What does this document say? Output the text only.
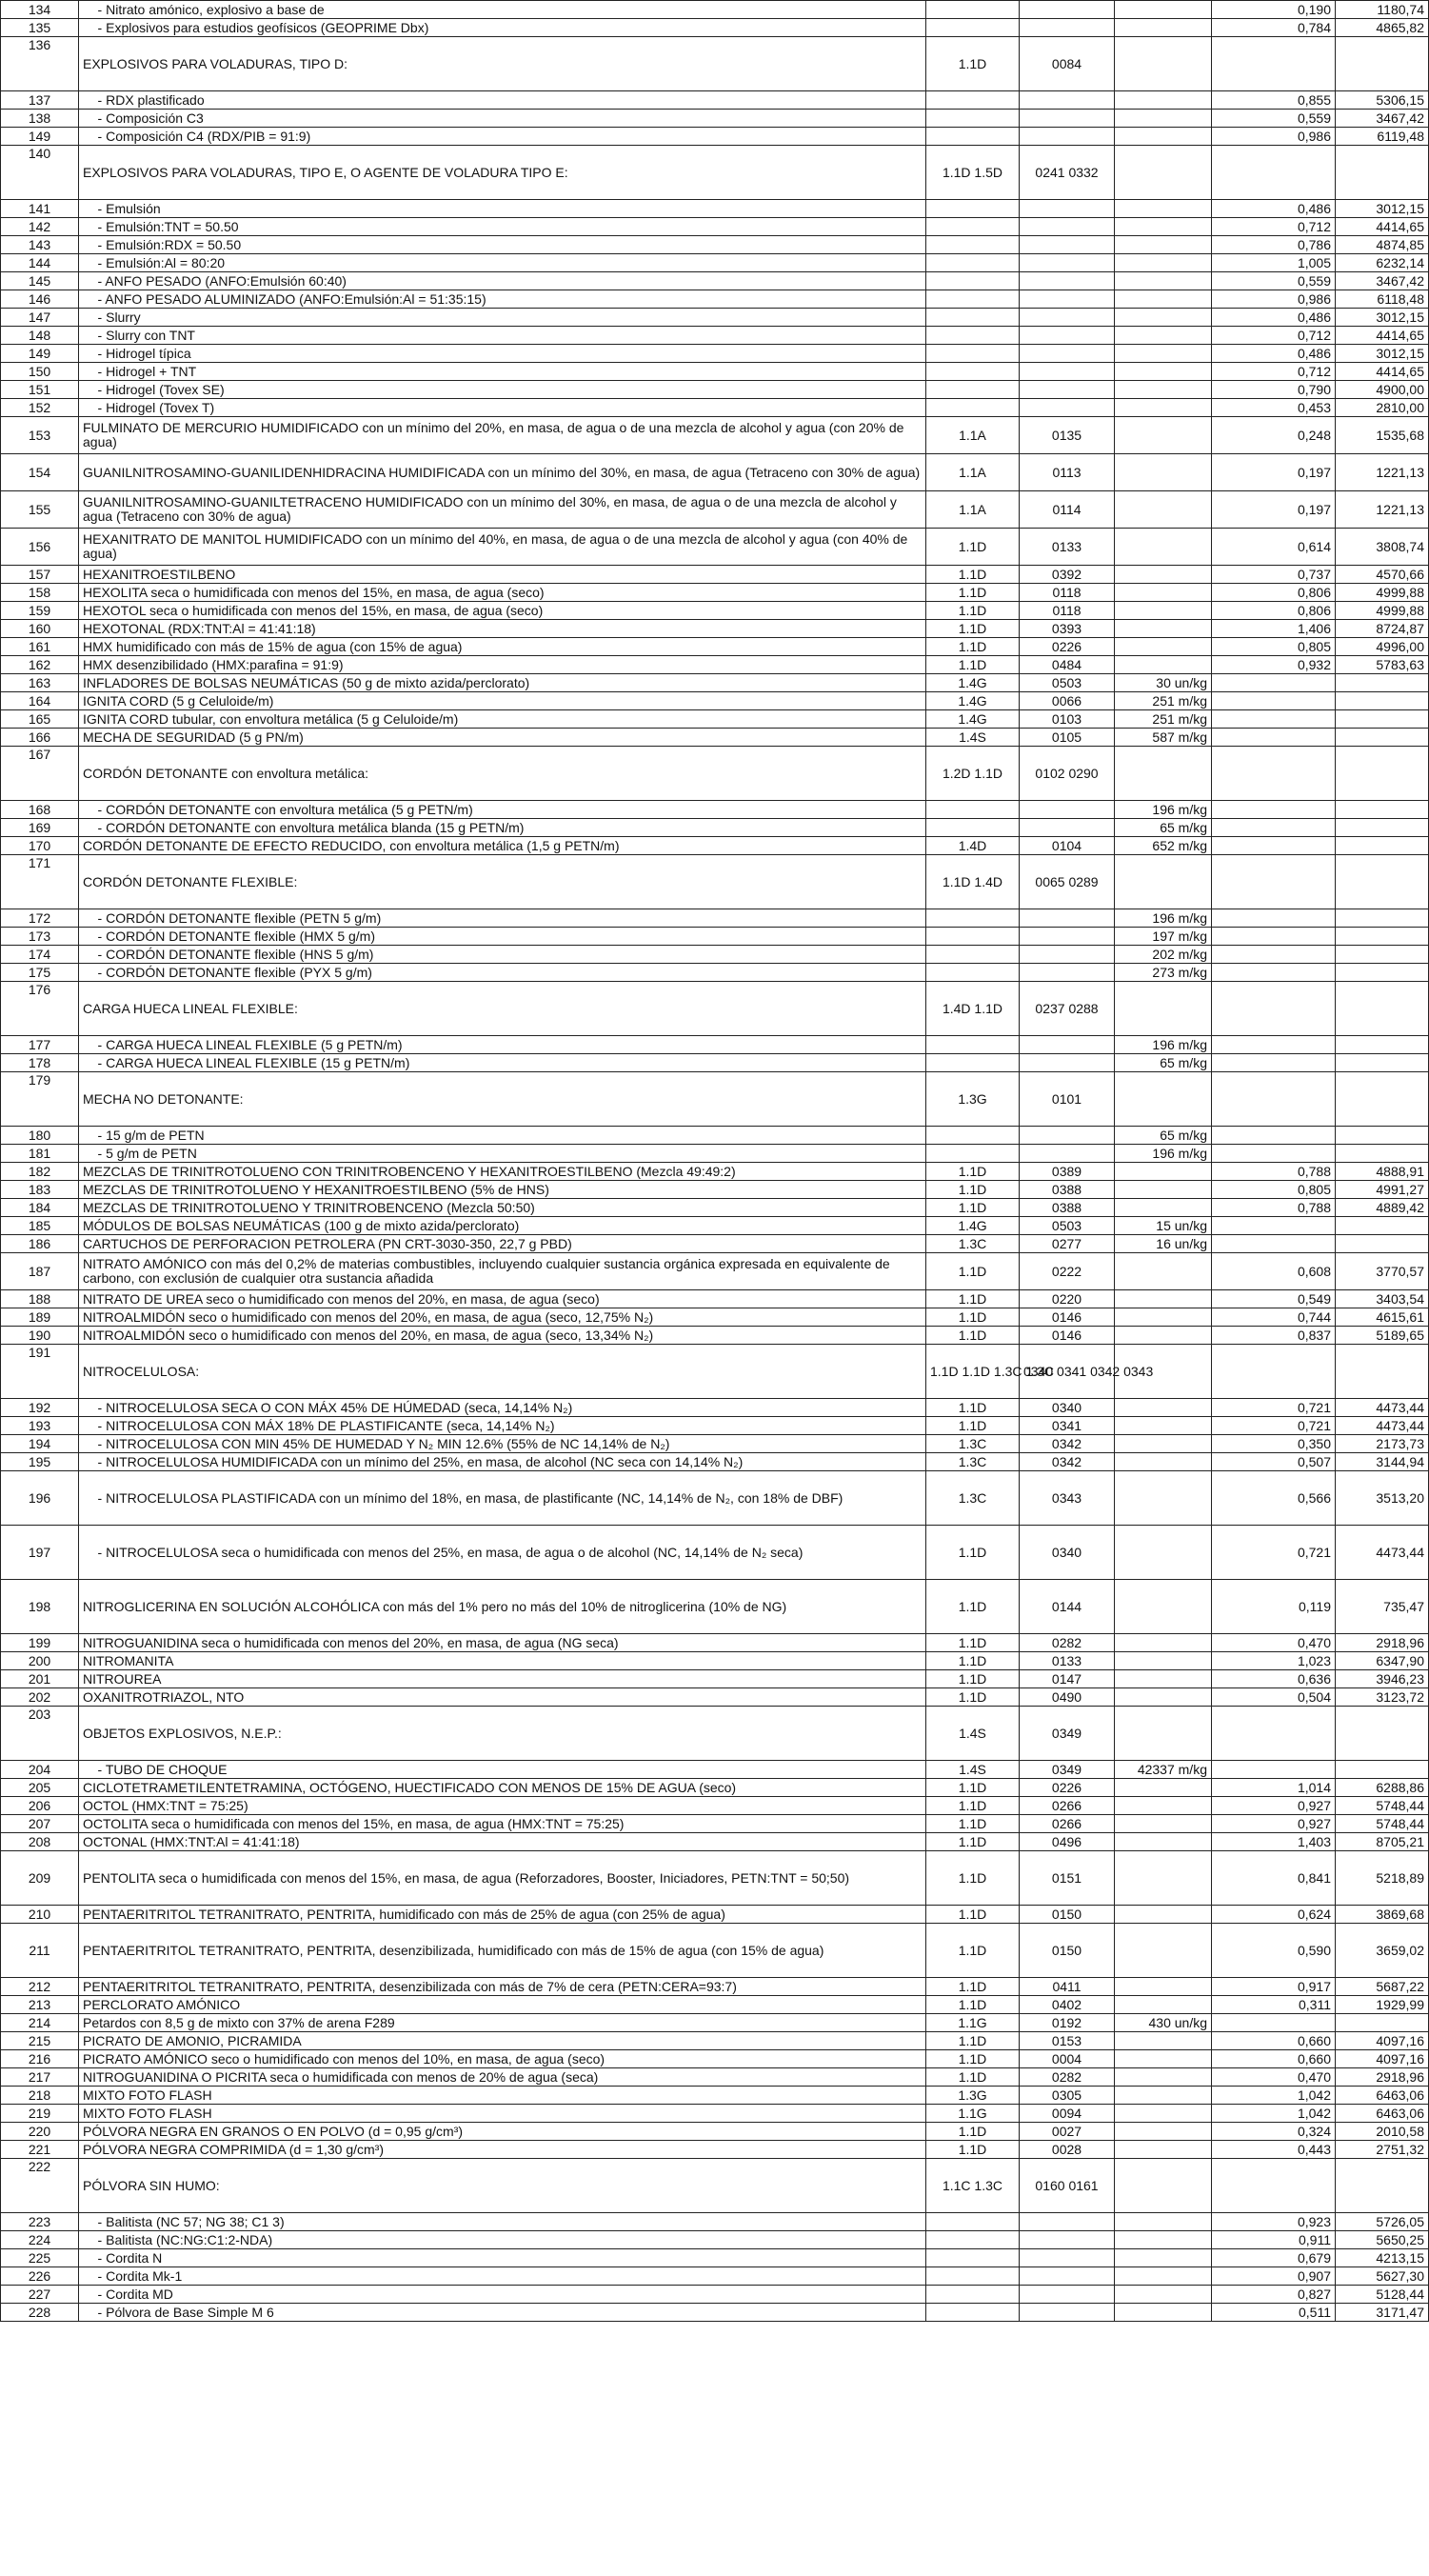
134	- Nitrato amónico, explosivo a base de				0,190	1180,74
135	- Explosivos para estudios geofísicos (GEOPRIME Dbx)				0,784	4865,82
136	EXPLOSIVOS PARA VOLADURAS, TIPO D:	1.1D	0084			
137	- RDX plastificado				0,855	5306,15
138	- Composición C3				0,559	3467,42
149	- Composición C4 (RDX/PIB = 91:9)				0,986	6119,48
140	EXPLOSIVOS PARA VOLADURAS, TIPO E, O AGENTE DE VOLADURA TIPO E:	1.1D 1.5D	0241 0332			
141	- Emulsión				0,486	3012,15
142	- Emulsión:TNT = 50.50				0,712	4414,65
143	- Emulsión:RDX = 50.50				0,786	4874,85
144	- Emulsión:Al = 80:20				1,005	6232,14
145	- ANFO PESADO (ANFO:Emulsión 60:40)				0,559	3467,42
146	- ANFO PESADO ALUMINIZADO (ANFO:Emulsión:Al = 51:35:15)				0,986	6118,48
147	- Slurry				0,486	3012,15
148	- Slurry con TNT				0,712	4414,65
149	- Hidrogel típica				0,486	3012,15
150	- Hidrogel + TNT				0,712	4414,65
151	- Hidrogel (Tovex SE)				0,790	4900,00
152	- Hidrogel (Tovex T)				0,453	2810,00
153	FULMINATO DE MERCURIO HUMIDIFICADO con un mínimo del 20%, en masa, de agua o de una mezcla de alcohol y agua (con 20% de agua)	1.1A	0135		0,248	1535,68
154	GUANILNITROSAMINO-GUANILIDENHIDRACINA HUMIDIFICADA con un mínimo del 30%, en masa, de agua (Tetraceno con 30% de agua)	1.1A	0113		0,197	1221,13
155	GUANILNITROSAMINO-GUANILTETRACENO HUMIDIFICADO con un mínimo del 30%, en masa, de agua o de una mezcla de alcohol y agua (Tetraceno con 30% de agua)	1.1A	0114		0,197	1221,13
156	HEXANITRATO DE MANITOL HUMIDIFICADO con un mínimo del 40%, en masa, de agua o de una mezcla de alcohol y agua (con 40% de agua)	1.1D	0133		0,614	3808,74
157	HEXANITROESTILBENO	1.1D	0392		0,737	4570,66
158	HEXOLITA seca o humidificada con menos del 15%, en masa, de agua (seco)	1.1D	0118		0,806	4999,88
159	HEXOTOL seca o humidificada con menos del 15%, en masa, de agua (seco)	1.1D	0118		0,806	4999,88
160	HEXOTONAL (RDX:TNT:Al = 41:41:18)	1.1D	0393		1,406	8724,87
161	HMX humidificado con más de 15% de agua (con 15% de agua)	1.1D	0226		0,805	4996,00
162	HMX desenzibilidado (HMX:parafina = 91:9)	1.1D	0484		0,932	5783,63
163	INFLADORES DE BOLSAS NEUMÁTICAS (50 g de mixto azida/perclorato)	1.4G	0503	30 un/kg		
164	IGNITA CORD (5 g Celuloide/m)	1.4G	0066	251 m/kg		
165	IGNITA CORD tubular, con envoltura metálica (5 g Celuloide/m)	1.4G	0103	251 m/kg		
166	MECHA DE SEGURIDAD (5 g PN/m)	1.4S	0105	587 m/kg		
167	CORDÓN DETONANTE con envoltura metálica:	1.2D 1.1D	0102 0290			
168	- CORDÓN DETONANTE con envoltura metálica (5 g PETN/m)			196 m/kg		
169	- CORDÓN DETONANTE con envoltura metálica blanda (15 g PETN/m)			65 m/kg		
170	CORDÓN DETONANTE DE EFECTO REDUCIDO, con envoltura metálica (1,5 g PETN/m)	1.4D	0104	652 m/kg		
171	CORDÓN DETONANTE FLEXIBLE:	1.1D 1.4D	0065 0289			
172	- CORDÓN DETONANTE flexible (PETN 5 g/m)			196 m/kg		
173	- CORDÓN DETONANTE flexible (HMX 5 g/m)			197 m/kg		
174	- CORDÓN DETONANTE flexible (HNS 5 g/m)			202 m/kg		
175	- CORDÓN DETONANTE flexible (PYX 5 g/m)			273 m/kg		
176	CARGA HUECA LINEAL FLEXIBLE:	1.4D 1.1D	0237 0288			
177	- CARGA HUECA LINEAL FLEXIBLE (5 g PETN/m)			196 m/kg		
178	- CARGA HUECA LINEAL FLEXIBLE (15 g PETN/m)			65 m/kg		
179	MECHA NO DETONANTE:	1.3G	0101			
180	- 15 g/m de PETN			65 m/kg		
181	- 5 g/m de PETN			196 m/kg		
182	MEZCLAS DE TRINITROTOLUENO CON TRINITROBENCENO Y HEXANITROESTILBENO (Mezcla 49:49:2)	1.1D	0389		0,788	4888,91
183	MEZCLAS DE TRINITROTOLUENO Y HEXANITROESTILBENO (5% de HNS)	1.1D	0388		0,805	4991,27
184	MEZCLAS DE TRINITROTOLUENO Y TRINITROBENCENO (Mezcla 50:50)	1.1D	0388		0,788	4889,42
185	MÓDULOS DE BOLSAS NEUMÁTICAS (100 g de mixto azida/perclorato)	1.4G	0503	15 un/kg		
186	CARTUCHOS DE PERFORACION PETROLERA (PN CRT-3030-350, 22,7 g PBD)	1.3C	0277	16 un/kg		
187	NITRATO AMÓNICO con más del 0,2% de materias combustibles, incluyendo cualquier sustancia orgánica expresada en equivalente de carbono, con exclusión de cualquier otra sustancia añadida	1.1D	0222		0,608	3770,57
188	NITRATO DE UREA seco o humidificado con menos del 20%, en masa, de agua (seco)	1.1D	0220		0,549	3403,54
189	NITROALMIDÓN seco o humidificado con menos del 20%, en masa, de agua (seco, 12,75% N₂)	1.1D	0146		0,744	4615,61
190	NITROALMIDÓN seco o humidificado con menos del 20%, en masa, de agua (seco, 13,34% N₂)	1.1D	0146		0,837	5189,65
191	NITROCELULOSA:	1.1D 1.1D 1.3C 1.3C	0340 0341 0342 0343			
192	- NITROCELULOSA SECA O CON MÁX 45% DE HÚMEDAD (seca, 14,14% N₂)	1.1D	0340		0,721	4473,44
193	- NITROCELULOSA CON MÁX 18% DE PLASTIFICANTE (seca, 14,14% N₂)	1.1D	0341		0,721	4473,44
194	- NITROCELULOSA CON MIN 45% DE HUMEDAD Y N₂ MIN 12.6% (55% de NC 14,14% de N₂)	1.3C	0342		0,350	2173,73
195	- NITROCELULOSA HUMIDIFICADA con un mínimo del 25%, en masa, de alcohol (NC seca con 14,14% N₂)	1.3C	0342		0,507	3144,94
196	- NITROCELULOSA PLASTIFICADA con un mínimo del 18%, en masa, de plastificante (NC, 14,14% de N₂, con 18% de DBF)	1.3C	0343		0,566	3513,20
197	- NITROCELULOSA seca o humidificada con menos del 25%, en masa, de agua o de alcohol (NC, 14,14% de N₂ seca)	1.1D	0340		0,721	4473,44
198	NITROGLICERINA EN SOLUCIÓN ALCOHÓLICA con más del 1% pero no más del 10% de nitroglicerina (10% de NG)	1.1D	0144		0,119	735,47
199	NITROGUANIDINA seca o humidificada con menos del 20%, en masa, de agua (NG seca)	1.1D	0282		0,470	2918,96
200	NITROMANITA	1.1D	0133		1,023	6347,90
201	NITROUREA	1.1D	0147		0,636	3946,23
202	OXANITROTRIAZOL, NTO	1.1D	0490		0,504	3123,72
203	OBJETOS EXPLOSIVOS, N.E.P.:	1.4S	0349			
204	- TUBO DE CHOQUE	1.4S	0349	42337 m/kg		
205	CICLOTETRAMETILENTETRAMINA, OCTÓGENO, HUECTIFICADO CON MENOS DE 15% DE AGUA (seco)	1.1D	0226		1,014	6288,86
206	OCTOL (HMX:TNT = 75:25)	1.1D	0266		0,927	5748,44
207	OCTOLITA seca o humidificada con menos del 15%, en masa, de agua (HMX:TNT = 75:25)	1.1D	0266		0,927	5748,44
208	OCTONAL (HMX:TNT:Al = 41:41:18)	1.1D	0496		1,403	8705,21
209	PENTOLITA seca o humidificada con menos del 15%, en masa, de agua (Reforzadores, Booster, Iniciadores, PETN:TNT = 50;50)	1.1D	0151		0,841	5218,89
210	PENTAERITRITOL TETRANITRATO, PENTRITA, humidificado con más de 25% de agua (con 25% de agua)	1.1D	0150		0,624	3869,68
211	PENTAERITRITOL TETRANITRATO, PENTRITA, desenzibilizada, humidificado con más de 15% de agua (con 15% de agua)	1.1D	0150		0,590	3659,02
212	PENTAERITRITOL TETRANITRATO, PENTRITA, desenzibilizada con más de 7% de cera (PETN:CERA=93:7)	1.1D	0411		0,917	5687,22
213	PERCLORATO AMÓNICO	1.1D	0402		0,311	1929,99
214	Petardos con 8,5 g de mixto con 37% de arena F289	1.1G	0192	430 un/kg		
215	PICRATO DE AMONIO, PICRAMIDA	1.1D	0153		0,660	4097,16
216	PICRATO AMÓNICO seco o humidificado con menos del 10%, en masa, de agua (seco)	1.1D	0004		0,660	4097,16
217	NITROGUANIDINA O PICRITA seca o humidificada con menos de 20% de agua (seca)	1.1D	0282		0,470	2918,96
218	MIXTO FOTO FLASH	1.3G	0305		1,042	6463,06
219	MIXTO FOTO FLASH	1.1G	0094		1,042	6463,06
220	PÓLVORA NEGRA EN GRANOS O EN POLVO (d = 0,95 g/cm³)	1.1D	0027		0,324	2010,58
221	PÓLVORA NEGRA COMPRIMIDA (d = 1,30 g/cm³)	1.1D	0028		0,443	2751,32
222	PÓLVORA SIN HUMO:	1.1C 1.3C	0160 0161			
223	- Balitista (NC 57; NG 38; C1 3)				0,923	5726,05
224	- Balitista (NC:NG:C1:2-NDA)				0,911	5650,25
225	- Cordita N				0,679	4213,15
226	- Cordita Mk-1				0,907	5627,30
227	- Cordita MD				0,827	5128,44
228	- Pólvora de Base Simple M 6				0,511	3171,47
